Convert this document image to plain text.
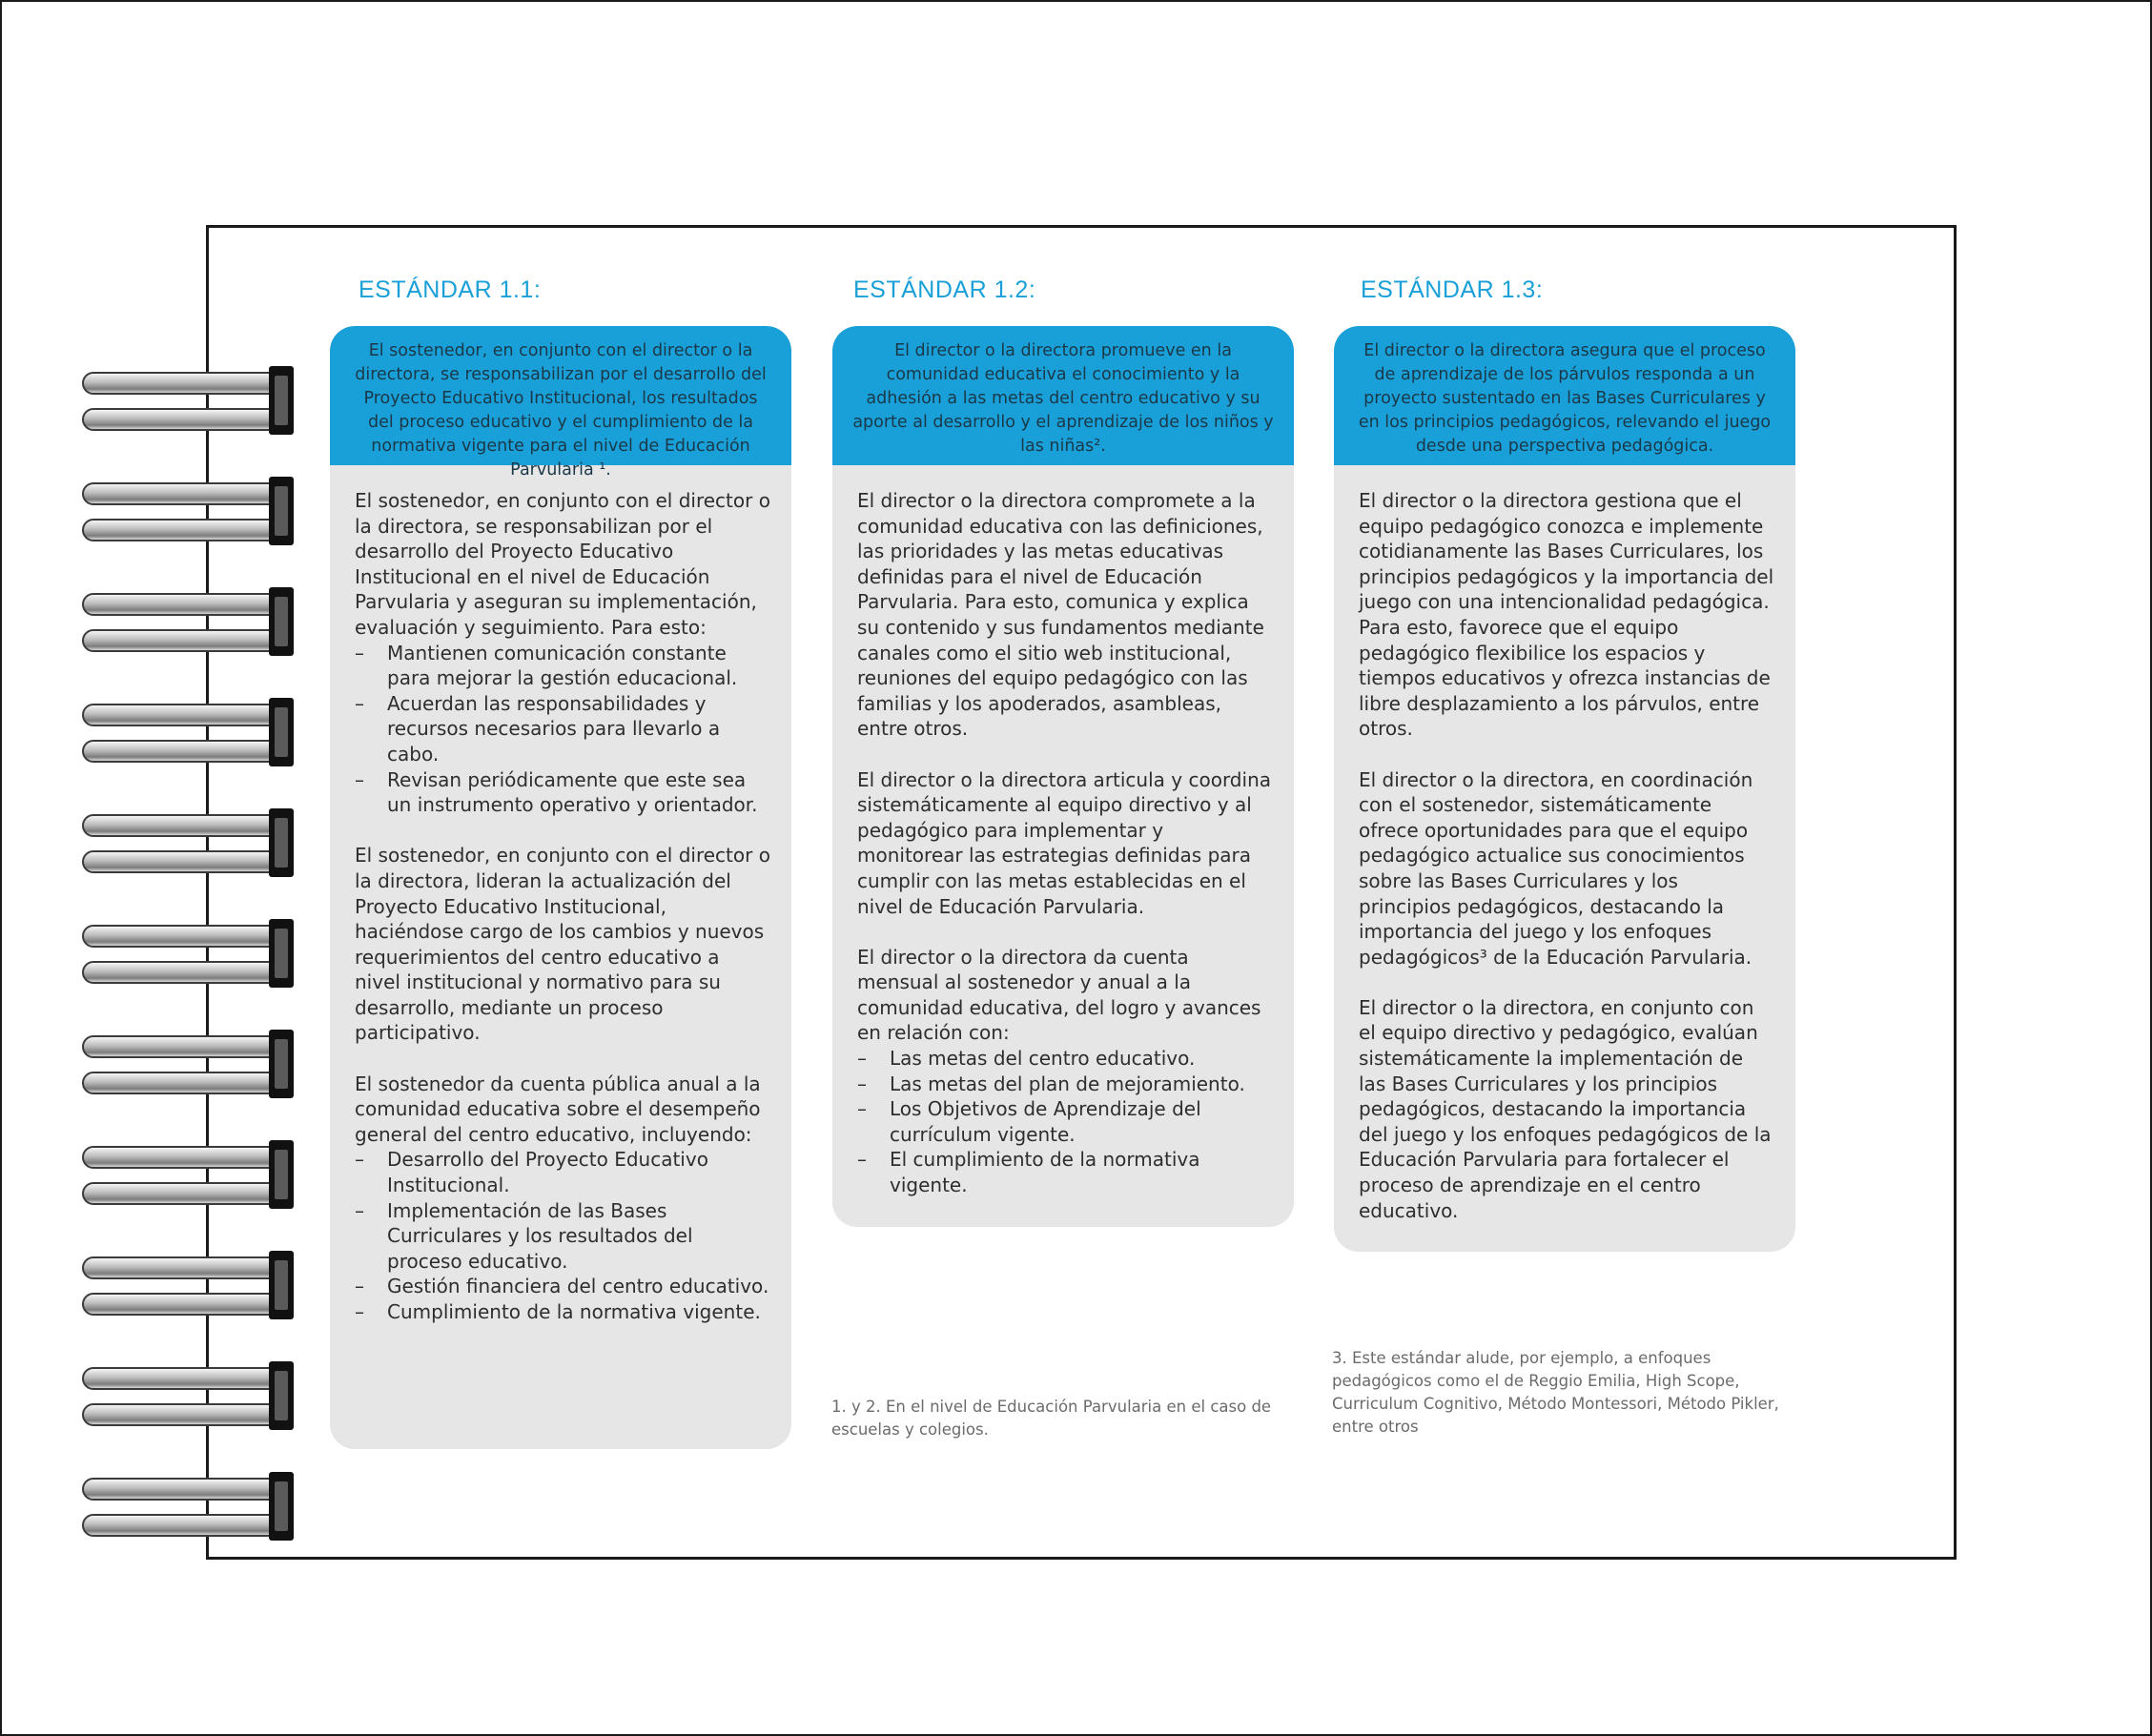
ESTÁNDAR 1.1:
El sostenedor, en conjunto con el director o la directora, se responsabilizan por el desarrollo del Proyecto Educativo Institucional, los resultados del proceso educativo y el cumplimiento de la normativa vigente para el nivel de Educación Parvularia ¹.

El sostenedor, en conjunto con el director o la directora, se responsabilizan por el desarrollo del Proyecto Educativo Institucional en el nivel de Educación Parvularia y aseguran su implementación, evaluación y seguimiento. Para esto:

– Mantienen comunicación constante para mejorar la gestión educacional.
– Acuerdan las responsabilidades y recursos necesarios para llevarlo a cabo.
– Revisan periódicamente que este sea un instrumento operativo y orientador.

El sostenedor, en conjunto con el director o la directora, lideran la actualización del Proyecto Educativo Institucional, haciéndose cargo de los cambios y nuevos requerimientos del centro educativo a nivel institucional y normativo para su desarrollo, mediante un proceso participativo.

El sostenedor da cuenta pública anual a la comunidad educativa sobre el desempeño general del centro educativo, incluyendo:

– Desarrollo del Proyecto Educativo Institucional.
– Implementación de las Bases Curriculares y los resultados del proceso educativo.
– Gestión financiera del centro educativo.
– Cumplimiento de la normativa vigente.
ESTÁNDAR 1.2:
El director o la directora promueve en la comunidad educativa el conocimiento y la adhesión a las metas del centro educativo y su aporte al desarrollo y el aprendizaje de los niños y las niñas².

El director o la directora compromete a la comunidad educativa con las definiciones, las prioridades y las metas educativas definidas para el nivel de Educación Parvularia. Para esto, comunica y explica su contenido y sus fundamentos mediante canales como el sitio web institucional, reuniones del equipo pedagógico con las familias y los apoderados, asambleas, entre otros.

El director o la directora articula y coordina sistemáticamente al equipo directivo y al pedagógico para implementar y monitorear las estrategias definidas para cumplir con las metas establecidas en el nivel de Educación Parvularia.

El director o la directora da cuenta mensual al sostenedor y anual a la comunidad educativa, del logro y avances en relación con:

– Las metas del centro educativo.
– Las metas del plan de mejoramiento.
– Los Objetivos de Aprendizaje del currículum vigente.
– El cumplimiento de la normativa vigente.
ESTÁNDAR 1.3:
El director o la directora asegura que el proceso de aprendizaje de los párvulos responda a un proyecto sustentado en las Bases Curriculares y en los principios pedagógicos, relevando el juego desde una perspectiva pedagógica.

El director o la directora gestiona que el equipo pedagógico conozca e implemente cotidianamente las Bases Curriculares, los principios pedagógicos y la importancia del juego con una intencionalidad pedagógica. Para esto, favorece que el equipo pedagógico flexibilice los espacios y tiempos educativos y ofrezca instancias de libre desplazamiento a los párvulos, entre otros.

El director o la directora, en coordinación con el sostenedor, sistemáticamente ofrece oportunidades para que el equipo pedagógico actualice sus conocimientos sobre las Bases Curriculares y los principios pedagógicos, destacando la importancia del juego y los enfoques pedagógicos³ de la Educación Parvularia.

El director o la directora, en conjunto con el equipo directivo y pedagógico, evalúan sistemáticamente la implementación de las Bases Curriculares y los principios pedagógicos, destacando la importancia del juego y los enfoques pedagógicos de la Educación Parvularia para fortalecer el proceso de aprendizaje en el centro educativo.

1. y 2. En el nivel de Educación Parvularia en el caso de escuelas y colegios.
3. Este estándar alude, por ejemplo, a enfoques pedagógicos como el de Reggio Emilia, High Scope, Curriculum Cognitivo, Método Montessori, Método Pikler, entre otros
